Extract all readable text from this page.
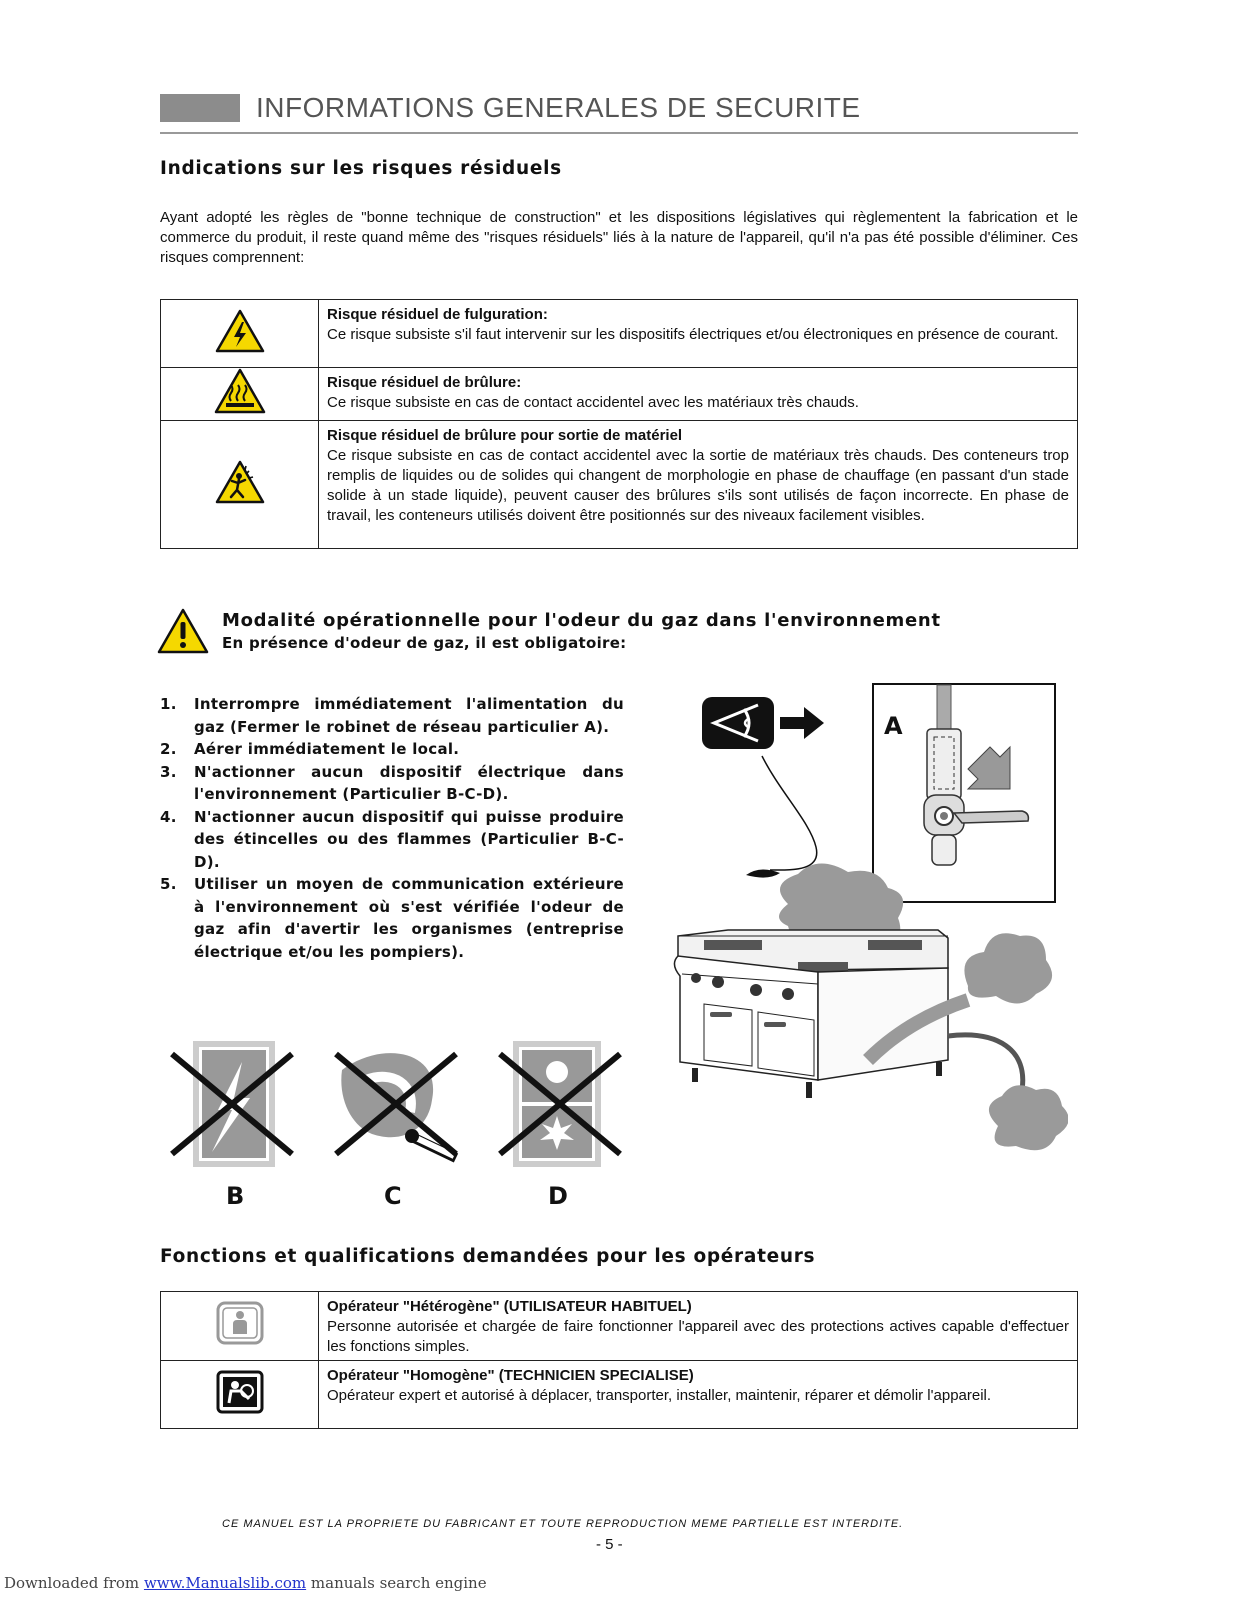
INFORMATIONS GENERALES DE SECURITE
Indications sur les risques résiduels
Ayant adopté les règles de "bonne technique de construction" et les dispositions législatives qui règlementent la fabrication et le commerce du produit, il reste quand même des "risques résiduels" liés à la nature de l'appareil, qu'il n'a pas été possible d'éliminer. Ces risques comprennent:

Risque résiduel de fulguration:
Ce risque subsiste s'il faut intervenir sur les dispositifs électriques et/ou électroniques en présence de courant.

Risque résiduel de brûlure:
Ce risque subsiste en cas de contact accidentel avec les matériaux très chauds.

Risque résiduel de brûlure pour sortie de matériel
Ce risque subsiste en cas de contact accidentel avec la sortie de matériaux très chauds. Des conteneurs trop remplis de liquides ou de solides qui changent de morphologie en phase de chauffage (en passant d'un stade solide à un stade liquide), peuvent causer des brûlures s'ils sont utilisés de façon incorrecte. En phase de travail, les conteneurs utilisés doivent être positionnés sur des niveaux facilement visibles.
Modalité opérationnelle pour l'odeur du gaz dans l'environnement
En présence d'odeur de gaz, il est obligatoire:
1. Interrompre immédiatement l'alimentation du gaz (Fermer le robinet de réseau particulier A).
2. Aérer immédiatement le local.
3. N'actionner aucun dispositif électrique dans l'environnement (Particulier B-C-D).
4. N'actionner aucun dispositif qui puisse produire des étincelles ou des flammes (Particulier B-C-D).
5. Utiliser un moyen de communication extérieure à l'environnement où s'est vérifiée l'odeur de gaz afin d'avertir les organismes (entreprise électrique et/ou les pompiers).
A
B	C	D
Fonctions et qualifications demandées pour les opérateurs

Opérateur "Hétérogène" (UTILISATEUR HABITUEL)
Personne autorisée et chargée de faire fonctionner l'appareil avec des protections actives capable d'effectuer les fonctions simples.

Opérateur "Homogène" (TECHNICIEN SPECIALISE)
Opérateur expert et autorisé à déplacer, transporter, installer, maintenir, réparer et démolir l'appareil.
CE MANUEL EST LA PROPRIETE DU FABRICANT ET TOUTE REPRODUCTION MEME PARTIELLE EST INTERDITE.
- 5 -
Downloaded from www.Manualslib.com manuals search engine
